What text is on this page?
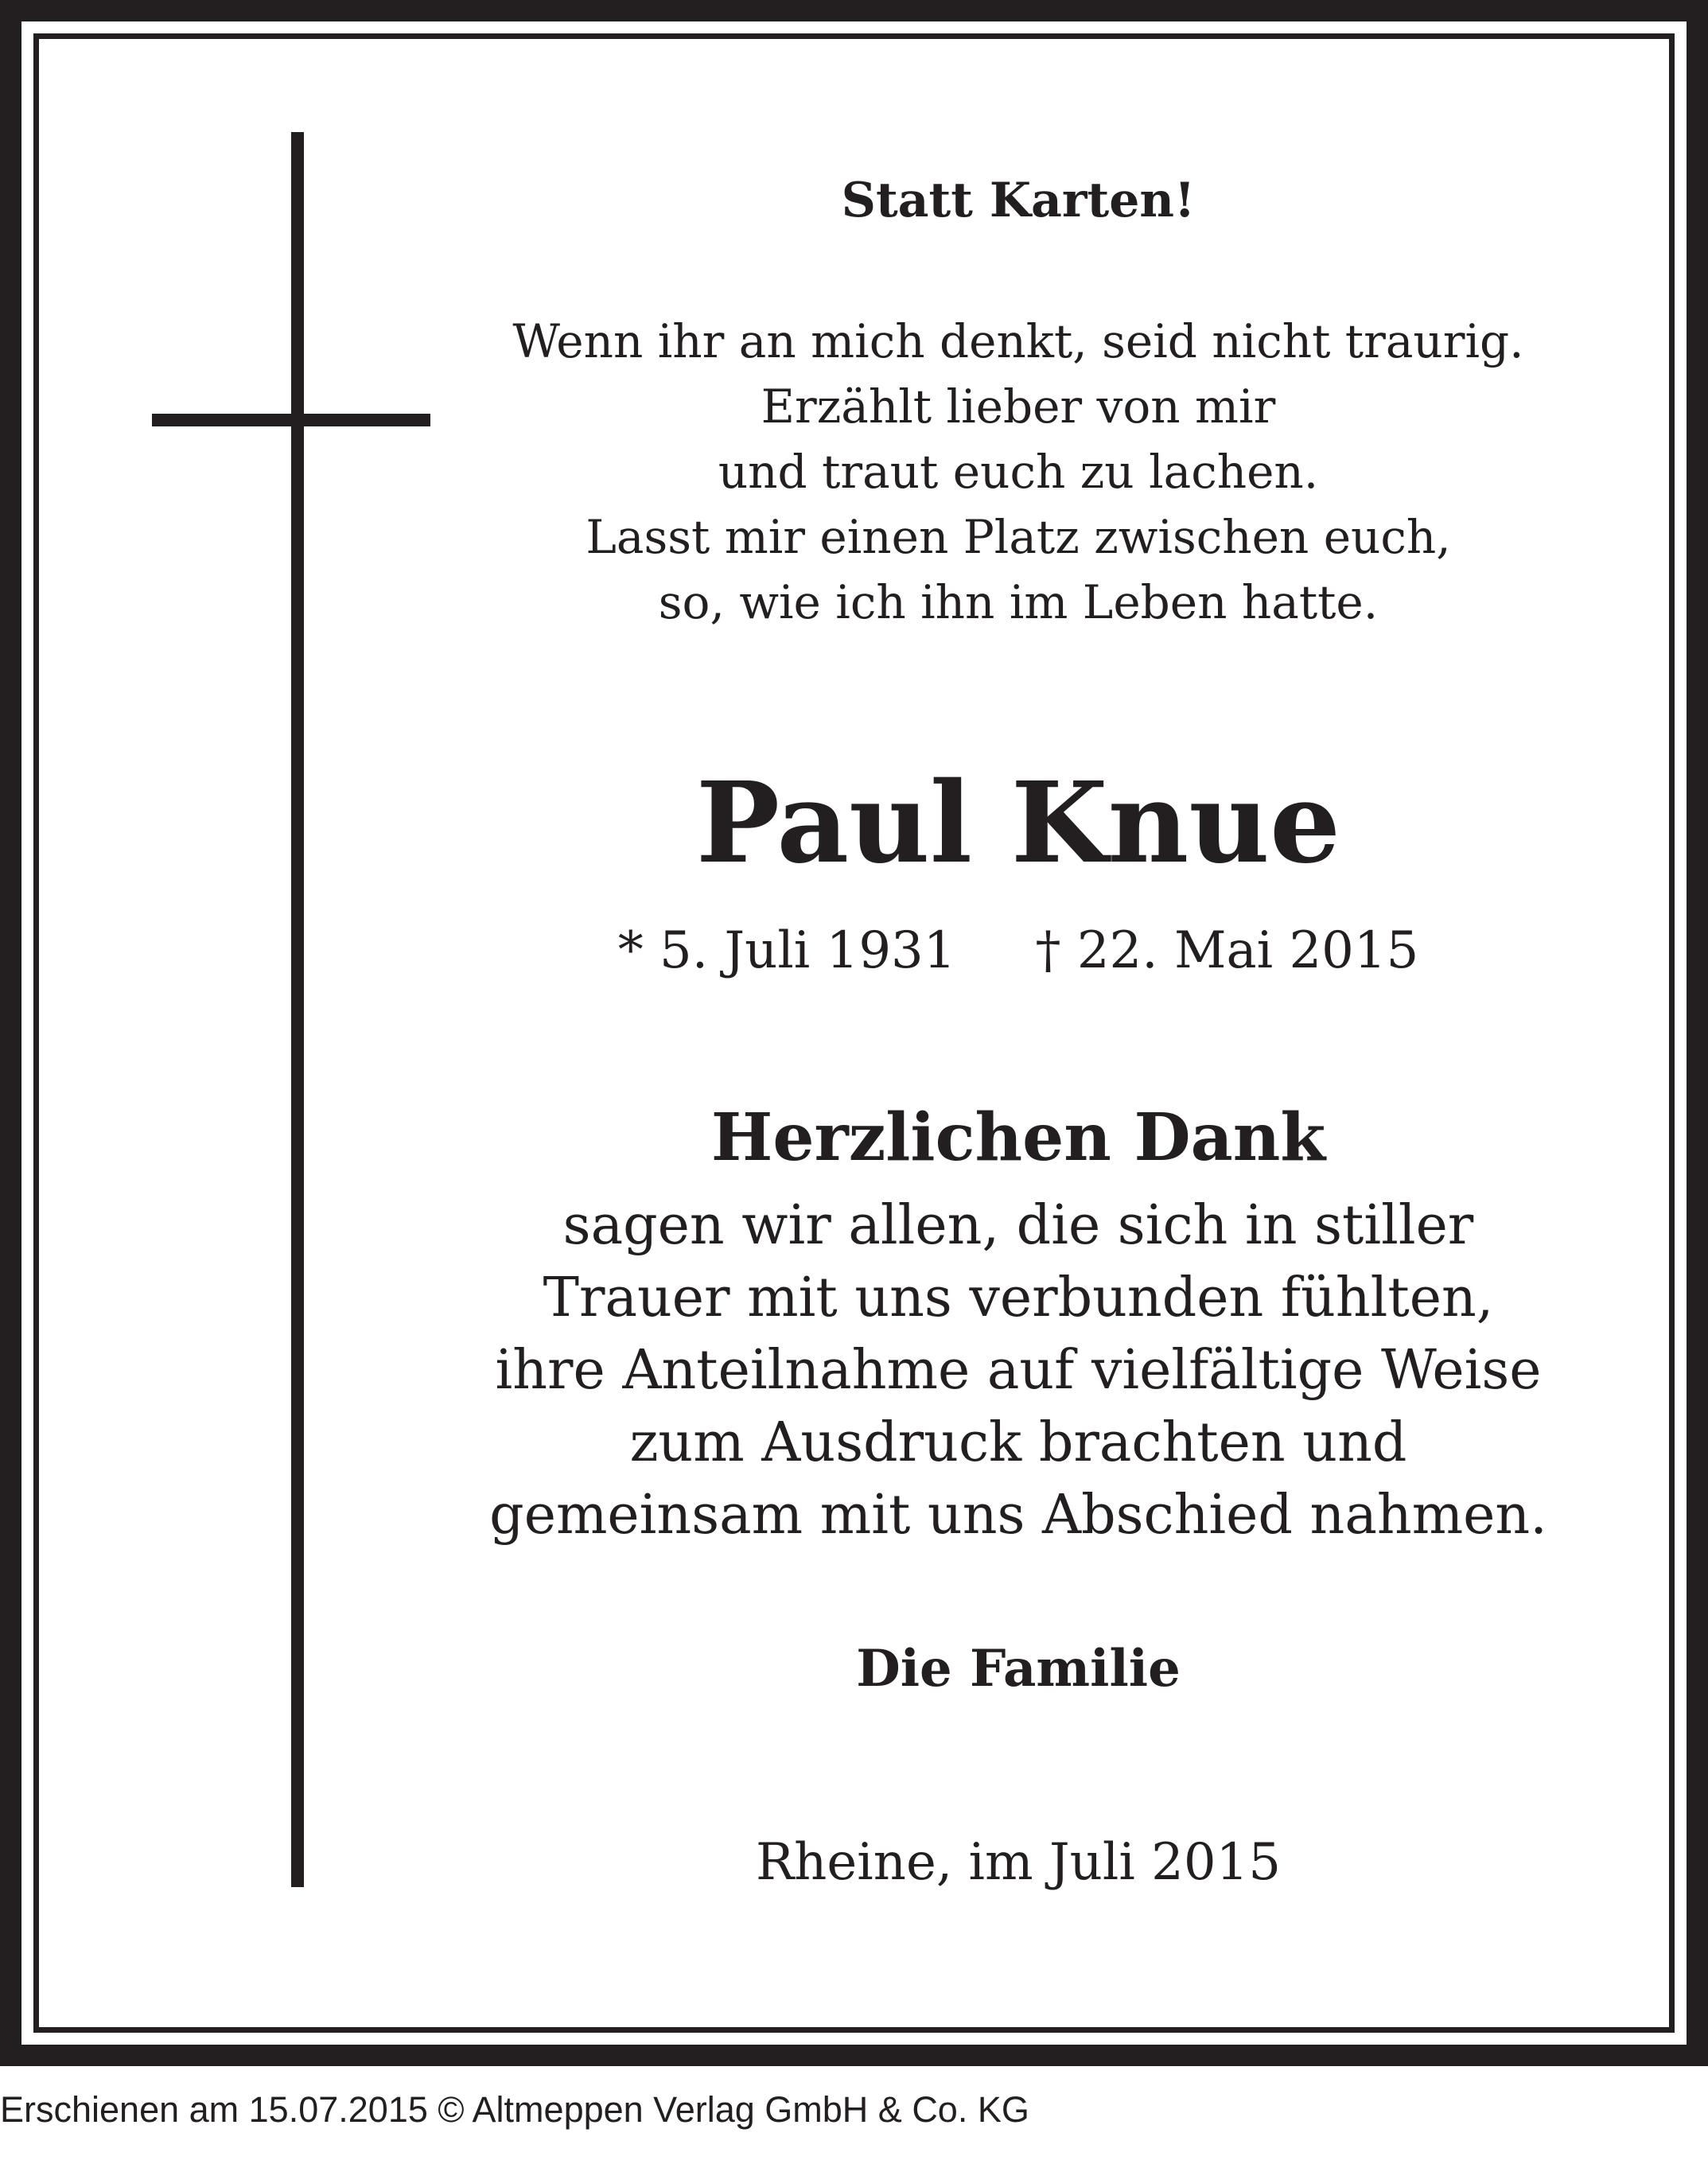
Statt Karten!
Wenn ihr an mich denkt, seid nicht traurig.
Erzählt lieber von mir
und traut euch zu lachen.
Lasst mir einen Platz zwischen euch,
so, wie ich ihn im Leben hatte.
Paul Knue
* 5. Juli 1931 † 22. Mai 2015
Herzlichen Dank
sagen wir allen, die sich in stiller
Trauer mit uns verbunden fühlten,
ihre Anteilnahme auf vielfältige Weise
zum Ausdruck brachten und
gemeinsam mit uns Abschied nahmen.
Die Familie
Rheine, im Juli 2015
Erschienen am 15.07.2015 © Altmeppen Verlag GmbH & Co. KG
